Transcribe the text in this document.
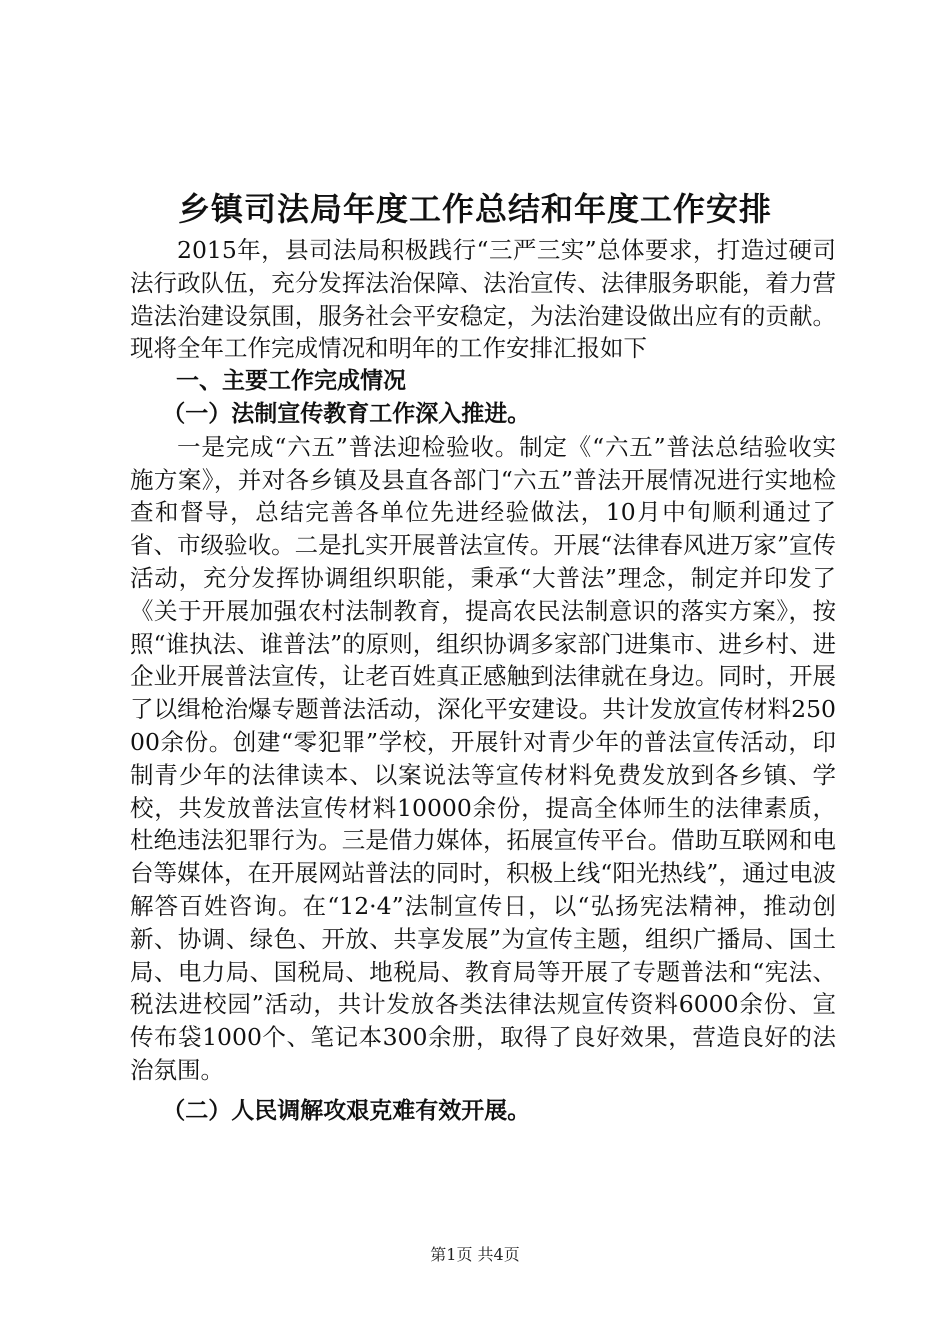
乡镇司法局年度工作总结和年度工作安排

2015年，县司法局积极践行“三严三实”总体要求，打造过硬司法行政队伍，充分发挥法治保障、法治宣传、法律服务职能，着力营造法治建设氛围，服务社会平安稳定，为法治建设做出应有的贡献。现将全年工作完成情况和明年的工作安排汇报如下

一、主要工作完成情况

（一）法制宣传教育工作深入推进。

一是完成“六五”普法迎检验收。制定《“六五”普法总结验收实施方案》，并对各乡镇及县直各部门“六五”普法开展情况进行实地检查和督导，总结完善各单位先进经验做法，10月中旬顺利通过了省、市级验收。二是扎实开展普法宣传。开展“法律春风进万家”宣传活动，充分发挥协调组织职能，秉承“大普法”理念，制定并印发了《关于开展加强农村法制教育，提高农民法制意识的落实方案》，按照“谁执法、谁普法”的原则，组织协调多家部门进集市、进乡村、进企业开展普法宣传，让老百姓真正感触到法律就在身边。同时，开展了以缉枪治爆专题普法活动，深化平安建设。共计发放宣传材料25000余份。创建“零犯罪”学校，开展针对青少年的普法宣传活动，印制青少年的法律读本、以案说法等宣传材料免费发放到各乡镇、学校，共发放普法宣传材料10000余份，提高全体师生的法律素质，杜绝违法犯罪行为。三是借力媒体，拓展宣传平台。借助互联网和电台等媒体，在开展网站普法的同时，积极上线“阳光热线”，通过电波解答百姓咨询。在“12·4”法制宣传日，以“弘扬宪法精神，推动创新、协调、绿色、开放、共享发展”为宣传主题，组织广播局、国土局、电力局、国税局、地税局、教育局等开展了专题普法和“宪法、税法进校园”活动，共计发放各类法律法规宣传资料6000余份、宣传布袋1000个、笔记本300余册，取得了良好效果，营造良好的法治氛围。

（二）人民调解攻艰克难有效开展。

第1页 共4页
